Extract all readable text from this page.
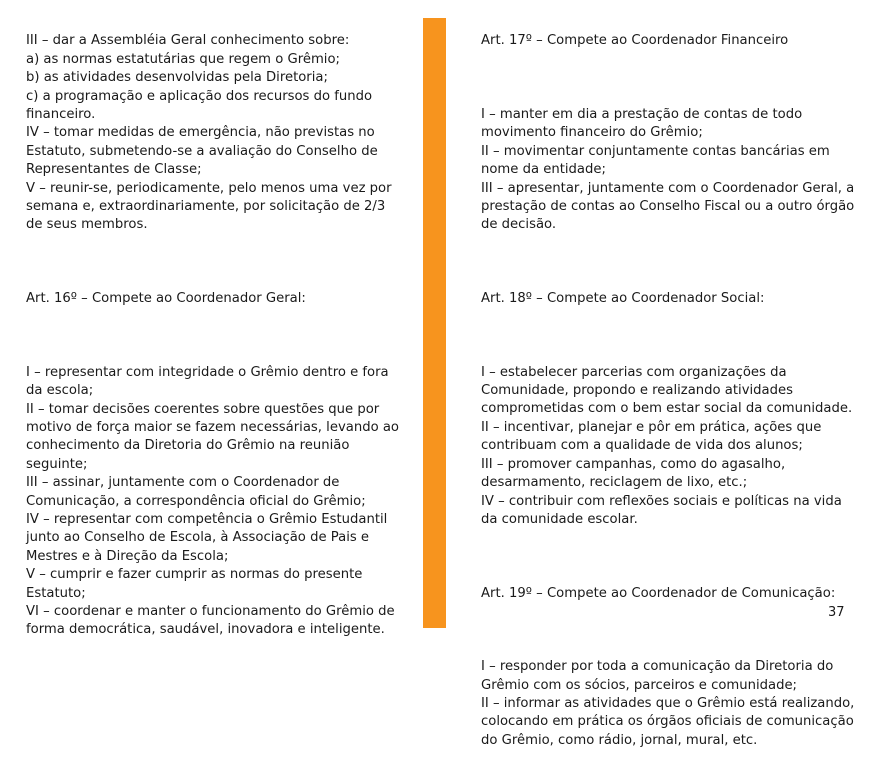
III – dar a Assembléia Geral conhecimento sobre:
a) as normas estatutárias que regem o Grêmio;
b) as atividades desenvolvidas pela Diretoria;
c) a programação e aplicação dos recursos do fundo
financeiro.
IV – tomar medidas de emergência, não previstas no
Estatuto, submetendo-se a avaliação do Conselho de
Representantes de Classe;
V – reunir-se, periodicamente, pelo menos uma vez por
semana e, extraordinariamente, por solicitação de 2/3
de seus membros.

Art. 16º – Compete ao Coordenador Geral:

I – representar com integridade o Grêmio dentro e fora
da escola;
II – tomar decisões coerentes sobre questões que por
motivo de força maior se fazem necessárias, levando ao
conhecimento da Diretoria do Grêmio na reunião
seguinte;
III – assinar, juntamente com o Coordenador de
Comunicação, a correspondência oficial do Grêmio;
IV – representar com competência o Grêmio Estudantil
junto ao Conselho de Escola, à Associação de Pais e
Mestres e à Direção da Escola;
V – cumprir e fazer cumprir as normas do presente
Estatuto;
VI – coordenar e manter o funcionamento do Grêmio de
forma democrática, saudável, inovadora e inteligente.

Art. 17º – Compete ao Coordenador Financeiro

I – manter em dia a prestação de contas de todo
movimento financeiro do Grêmio;
II – movimentar conjuntamente contas bancárias em
nome da entidade;
III – apresentar, juntamente com o Coordenador Geral, a
prestação de contas ao Conselho Fiscal ou a outro órgão
de decisão.

Art. 18º – Compete ao Coordenador Social:

I – estabelecer parcerias com organizações da
Comunidade, propondo e realizando atividades
comprometidas com o bem estar social da comunidade.
II – incentivar, planejar e pôr em prática, ações que
contribuam com a qualidade de vida dos alunos;
III – promover campanhas, como do agasalho,
desarmamento, reciclagem de lixo, etc.;
IV – contribuir com reflexões sociais e políticas na vida
da comunidade escolar.

Art. 19º – Compete ao Coordenador de Comunicação:

I – responder por toda a comunicação da Diretoria do
Grêmio com os sócios, parceiros e comunidade;
II – informar as atividades que o Grêmio está realizando,
colocando em prática os órgãos oficiais de comunicação
do Grêmio, como rádio, jornal, mural, etc.

37
